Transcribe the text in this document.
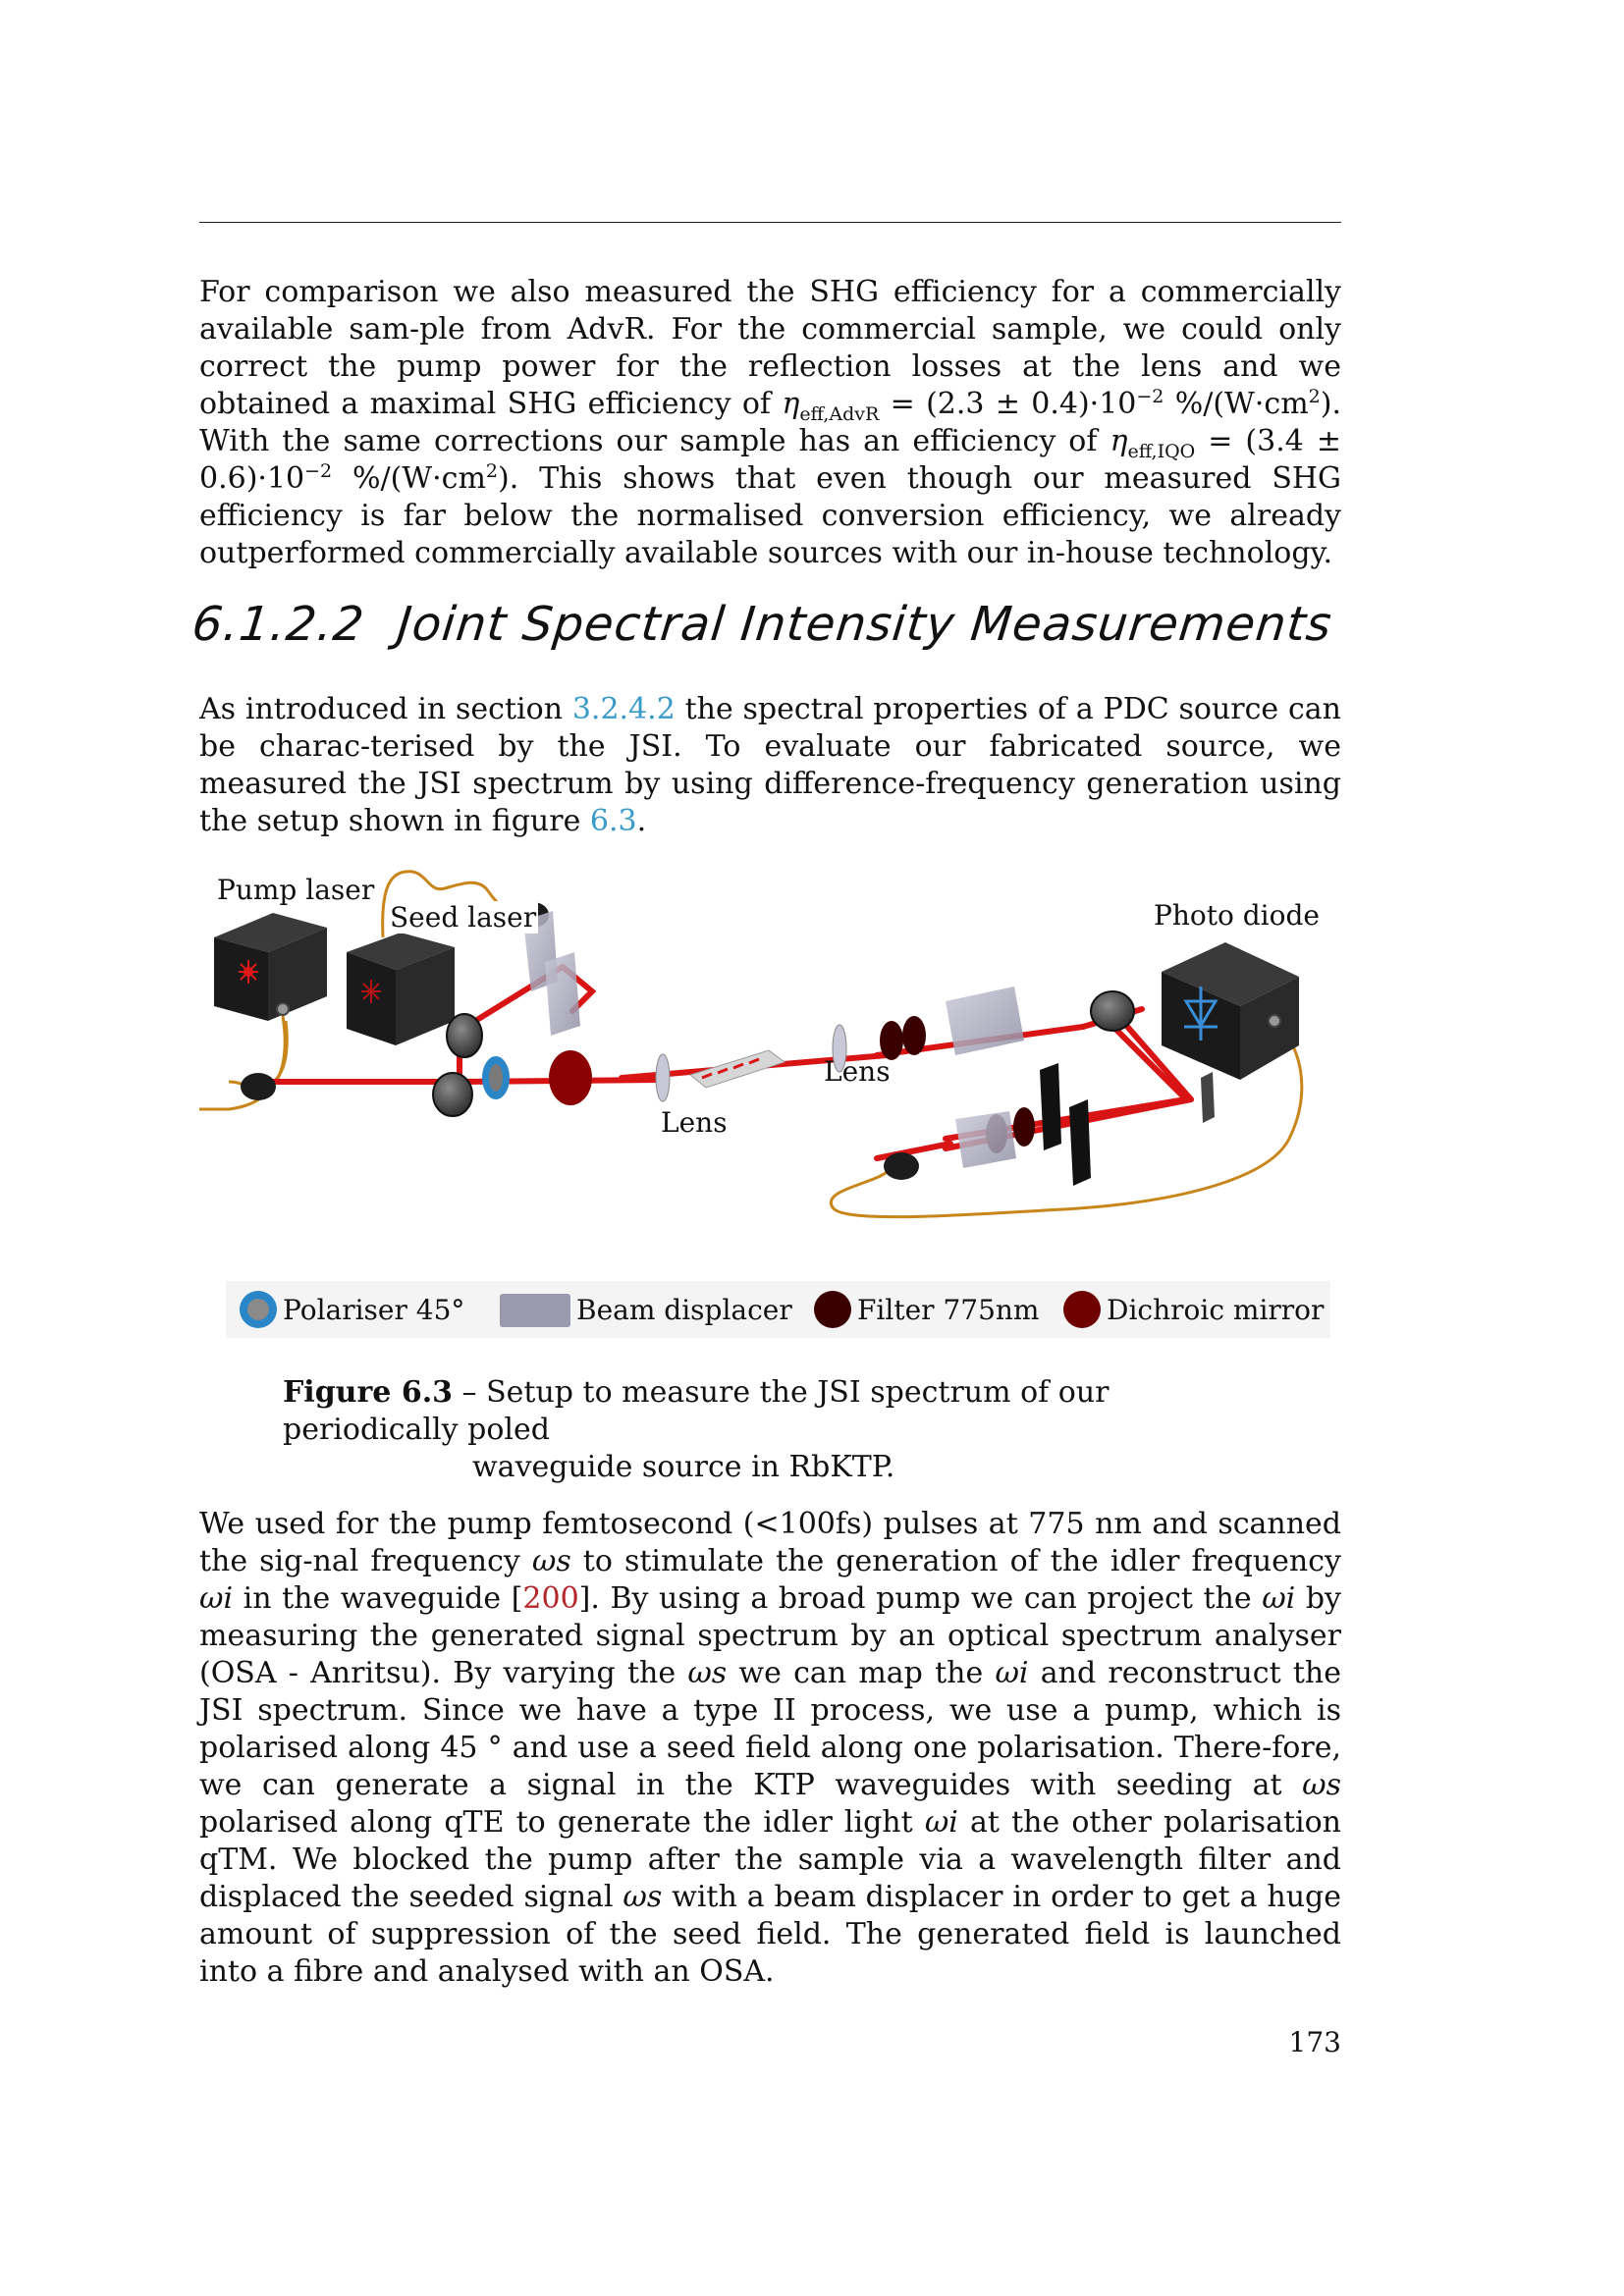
For comparison we also measured the SHG efficiency for a commercially available sam-ple from AdvR. For the commercial sample, we could only correct the pump power for the reflection losses at the lens and we obtained a maximal SHG efficiency of $\eta_{eff,AdvR} = (2.3 \pm 0.4)\cdot 10^{-2}$ $\%/(W\cdot cm^2)$. With the same corrections our sample has an efficiency of $\eta_{eff,IQO} = (3.4 \pm 0.6)\cdot 10^{-2}$ $\%/(W\cdot cm^2)$. This shows that even though our measured SHG efficiency is far below the normalised conversion efficiency, we already outperformed commercially available sources with our in-house technology.

6.1.2.2 Joint Spectral Intensity Measurements

As introduced in section 3.2.4.2 the spectral properties of a PDC source can be charac-terised by the JSI. To evaluate our fabricated source, we measured the JSI spectrum by using difference-frequency generation using the setup shown in figure 6.3.

Pump laser
Seed laser	Photo diode
Lens
Lens
Polariser 45°	Beam displacer Filter 775nm Dichroic mirror
Figure 6.3 – Setup to measure the JSI spectrum of our periodically poled
waveguide source in RbKTP.

We used for the pump femtosecond (<100fs) pulses at 775 nm and scanned the sig-nal frequency ωs to stimulate the generation of the idler frequency ωi in the waveguide [200]. By using a broad pump we can project the ωi by measuring the generated signal spectrum by an optical spectrum analyser (OSA - Anritsu). By varying the ωs we can map the ωi and reconstruct the JSI spectrum. Since we have a type II process, we use a pump, which is polarised along 45 ° and use a seed field along one polarisation. There-fore, we can generate a signal in the KTP waveguides with seeding at ωs polarised along qTE to generate the idler light ωi at the other polarisation qTM. We blocked the pump after the sample via a wavelength filter and displaced the seeded signal ωs with a beam displacer in order to get a huge amount of suppression of the seed field. The generated field is launched into a fibre and analysed with an OSA.

173
